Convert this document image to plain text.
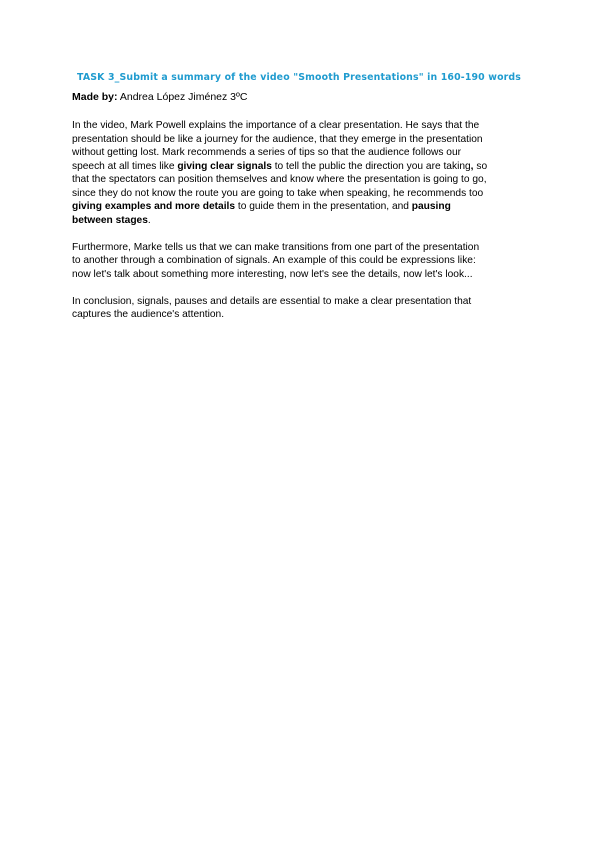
TASK 3_Submit a summary of the video "Smooth Presentations" in 160-190 words
Made by: Andrea López Jiménez 3ºC

In the video, Mark Powell explains the importance of a clear presentation. He says that the
presentation should be like a journey for the audience, that they emerge in the presentation
without getting lost. Mark recommends a series of tips so that the audience follows our
speech at all times like giving clear signals to tell the public the direction you are taking, so
that the spectators can position themselves and know where the presentation is going to go,
since they do not know the route you are going to take when speaking, he recommends too
giving examples and more details to guide them in the presentation, and pausing
between stages.

Furthermore, Marke tells us that we can make transitions from one part of the presentation
to another through a combination of signals. An example of this could be expressions like:
now let's talk about something more interesting, now let's see the details, now let's look...

In conclusion, signals, pauses and details are essential to make a clear presentation that
captures the audience's attention.
